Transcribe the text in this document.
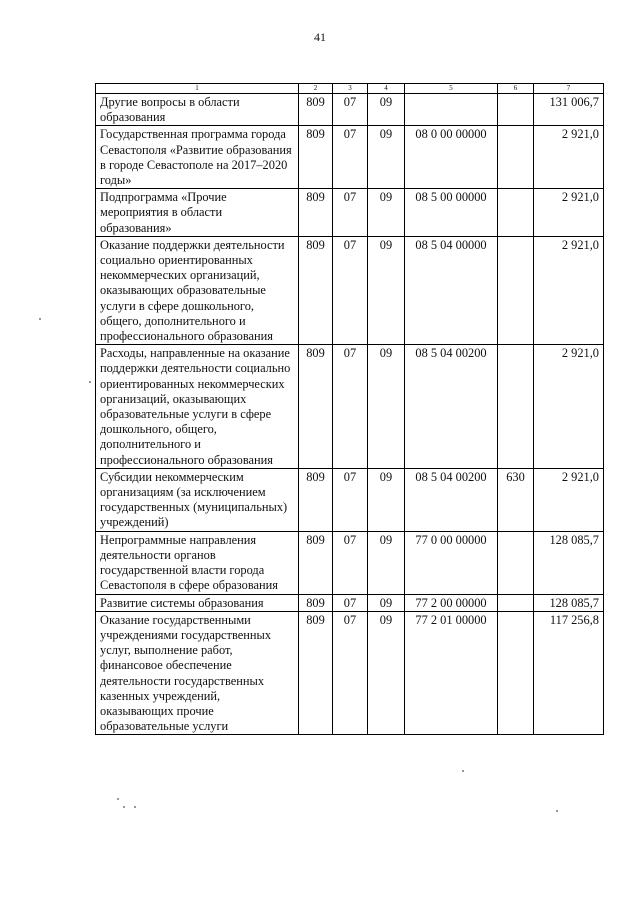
41
1	2	3	4	5	6	7
Другие вопросы в области образования	809	07	09			131 006,7
Государственная программа города Севастополя «Развитие образования в городе Севастополе на 2017–2020 годы»	809	07	09	08 0 00 00000		2 921,0
Подпрограмма «Прочие мероприятия в области образования»	809	07	09	08 5 00 00000		2 921,0
Оказание поддержки деятельности социально ориентированных некоммерческих организаций, оказывающих образовательные услуги в сфере дошкольного, общего, дополнительного и профессионального образования	809	07	09	08 5 04 00000		2 921,0
Расходы, направленные на оказание поддержки деятельности социально ориентированных некоммерческих организаций, оказывающих образовательные услуги в сфере дошкольного, общего, дополнительного и профессионального образования	809	07	09	08 5 04 00200		2 921,0
Субсидии некоммерческим организациям (за исключением государственных (муниципальных) учреждений)	809	07	09	08 5 04 00200	630	2 921,0
Непрограммные направления деятельности органов государственной власти города Севастополя в сфере образования	809	07	09	77 0 00 00000		128 085,7
Развитие системы образования	809	07	09	77 2 00 00000		128 085,7
Оказание государственными учреждениями государственных услуг, выполнение работ, финансовое обеспечение деятельности государственных казенных учреждений, оказывающих прочие образовательные услуги	809	07	09	77 2 01 00000		117 256,8
